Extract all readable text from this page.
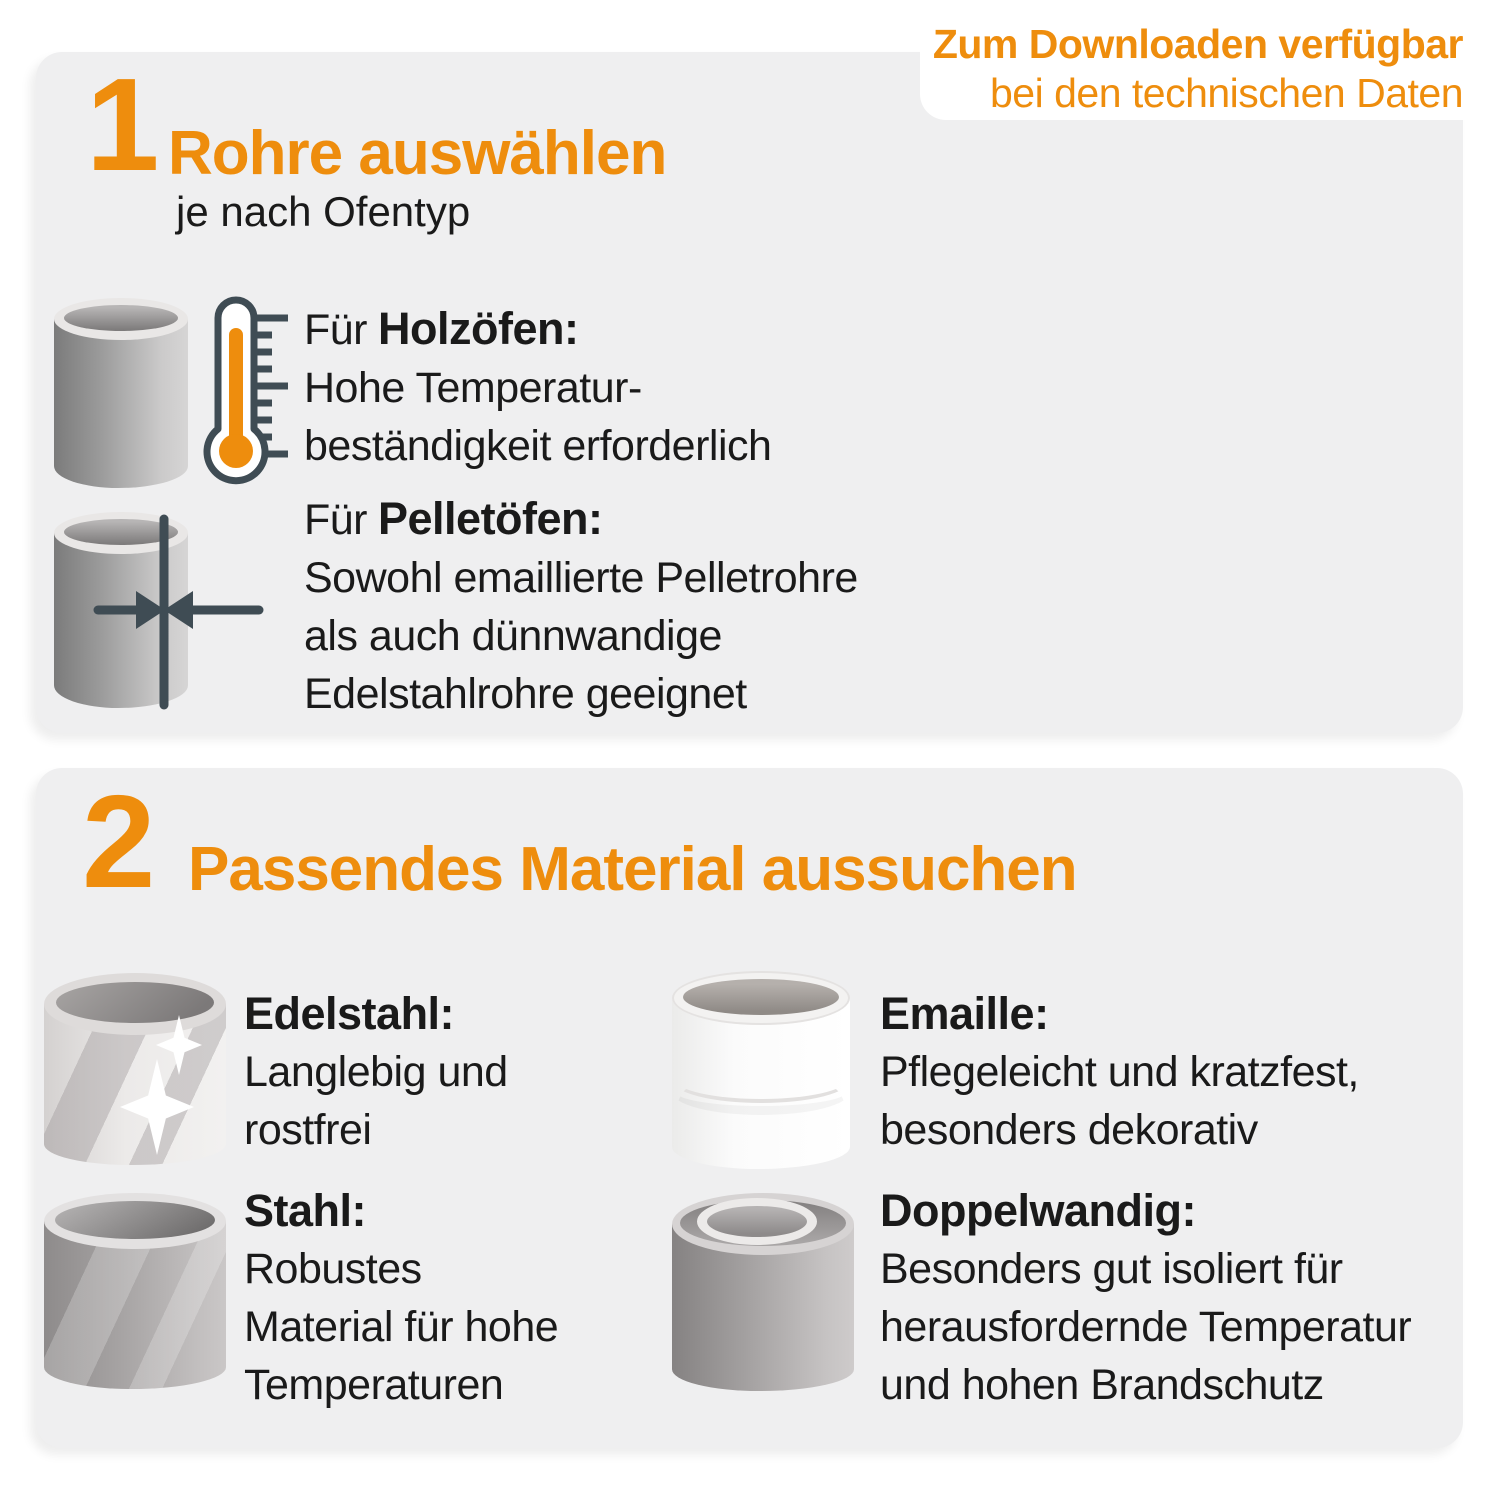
1 Rohre auswählen
je nach Ofentyp
Für Holzöfen:
Hohe Temperatur-
beständigkeit erforderlich
Für Pelletöfen:
Sowohl emaillierte Pelletrohre
als auch dünnwandige
Edelstahlrohre geeignet
2 Passendes Material aussuchen
Edelstahl:
Langlebig und
rostfrei
Emaille:
Pflegeleicht und kratzfest,
besonders dekorativ
Stahl:
Robustes
Material für hohe
Temperaturen
Doppelwandig:
Besonders gut isoliert für
herausfordernde Temperatur
und hohen Brandschutz
Zum Downloaden verfügbar
bei den technischen Daten
